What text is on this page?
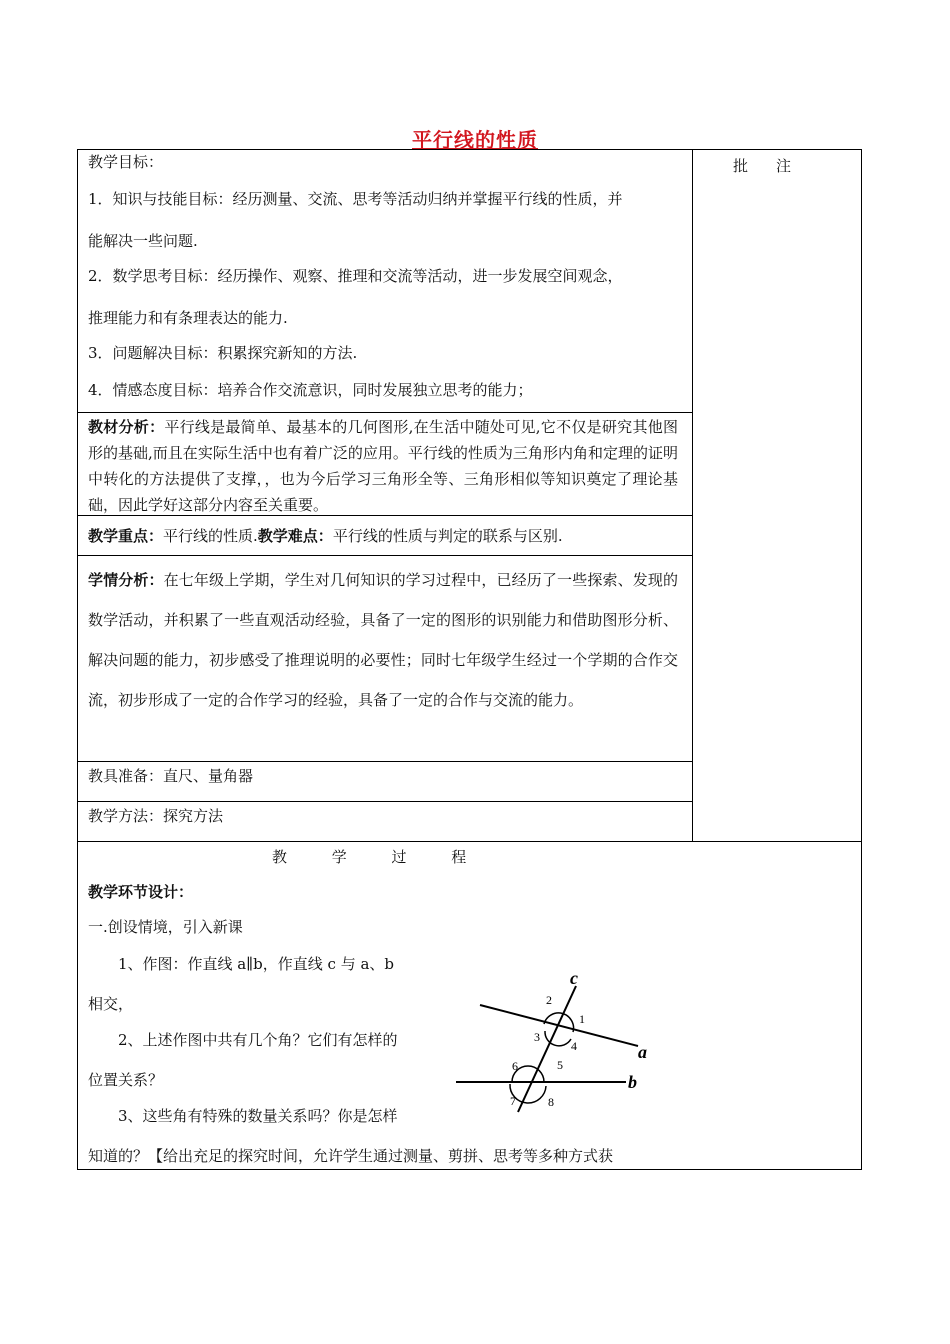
平行线的性质
批注
教学目标：
1．知识与技能目标：经历测量、交流、思考等活动归纳并掌握平行线的性质，并
能解决一些问题.
2．数学思考目标：经历操作、观察、推理和交流等活动，进一步发展空间观念，
推理能力和有条理表达的能力.
3．问题解决目标：积累探究新知的方法.
4．情感态度目标：培养合作交流意识，同时发展独立思考的能力；
教材分析：平行线是最简单、最基本的几何图形,在生活中随处可见,它不仅是研究其他图形的基础,而且在实际生活中也有着广泛的应用。平行线的性质为三角形内角和定理的证明中转化的方法提供了支撑，，也为今后学习三角形全等、三角形相似等知识奠定了理论基础，因此学好这部分内容至关重要。
教学重点：平行线的性质.教学难点：平行线的性质与判定的联系与区别.
学情分析：在七年级上学期，学生对几何知识的学习过程中，已经历了一些探索、发现的数学活动，并积累了一些直观活动经验，具备了一定的图形的识别能力和借助图形分析、解决问题的能力，初步感受了推理说明的必要性；同时七年级学生经过一个学期的合作交流，初步形成了一定的合作学习的经验，具备了一定的合作与交流的能力。
教具准备：直尺、量角器
教学方法：探究方法
教 学 过 程
教学环节设计：
一.创设情境，引入新课
1、作图：作直线 a∥b，作直线 c 与 a、b
相交，
2、上述作图中共有几个角？它们有怎样的
位置关系？
3、这些角有特殊的数量关系吗？你是怎样
知道的？【给出充足的探究时间，允许学生通过测量、剪拼、思考等多种方式获
c
a
b
1
2
3
4
5
6
7	8
